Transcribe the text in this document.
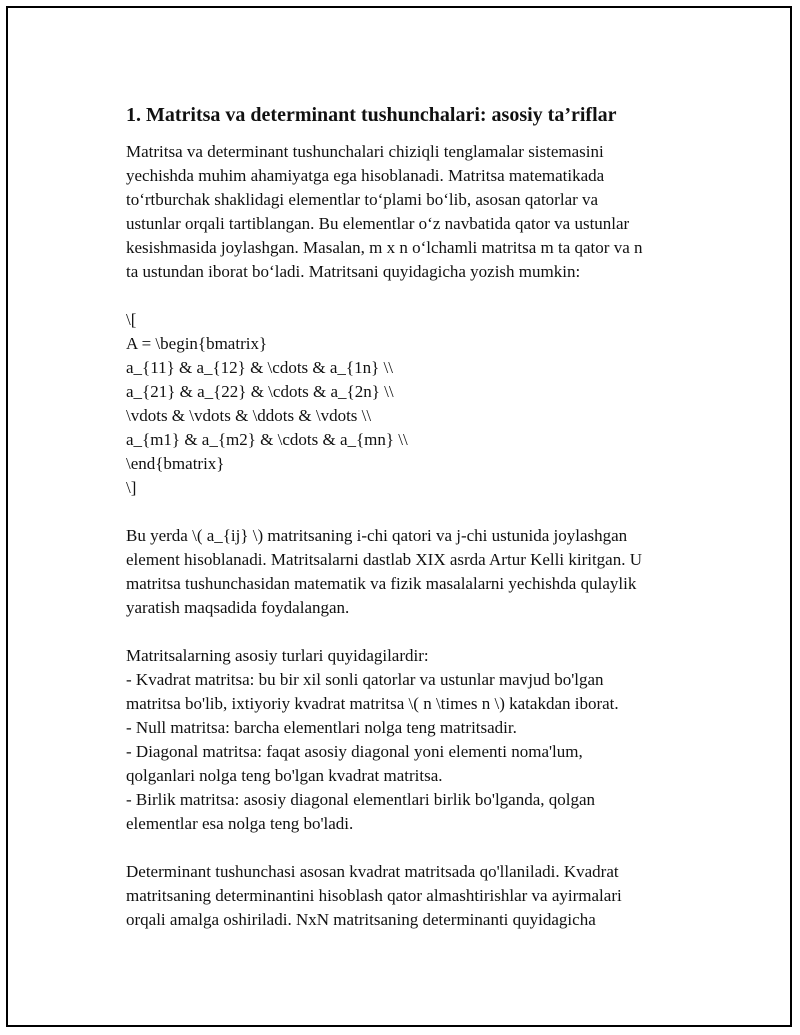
1. Matritsa va determinant tushunchalari: asosiy ta’riflar
Matritsa va determinant tushunchalari chiziqli tenglamalar sistemasini
yechishda muhim ahamiyatga ega hisoblanadi. Matritsa matematikada
to‘rtburchak shaklidagi elementlar to‘plami bo‘lib, asosan qatorlar va
ustunlar orqali tartiblangan. Bu elementlar o‘z navbatida qator va ustunlar
kesishmasida joylashgan. Masalan, m x n o‘lchamli matritsa m ta qator va n
ta ustundan iborat bo‘ladi. Matritsani quyidagicha yozish mumkin:
\[
A = \begin{bmatrix}
a_{11} & a_{12} & \cdots & a_{1n} \\
a_{21} & a_{22} & \cdots & a_{2n} \\
\vdots & \vdots & \ddots & \vdots \\
a_{m1} & a_{m2} & \cdots & a_{mn} \\
\end{bmatrix}
\]
Bu yerda \( a_{ij} \) matritsaning i-chi qatori va j-chi ustunida joylashgan
element hisoblanadi. Matritsalarni dastlab XIX asrda Artur Kelli kiritgan. U
matritsa tushunchasidan matematik va fizik masalalarni yechishda qulaylik
yaratish maqsadida foydalangan.
Matritsalarning asosiy turlari quyidagilardir:
- Kvadrat matritsa: bu bir xil sonli qatorlar va ustunlar mavjud bo'lgan
matritsa bo'lib, ixtiyoriy kvadrat matritsa \( n \times n \) katakdan iborat.
- Null matritsa: barcha elementlari nolga teng matritsadir.
- Diagonal matritsa: faqat asosiy diagonal yoni elementi noma'lum,
qolganlari nolga teng bo'lgan kvadrat matritsa.
- Birlik matritsa: asosiy diagonal elementlari birlik bo'lganda, qolgan
elementlar esa nolga teng bo'ladi.
Determinant tushunchasi asosan kvadrat matritsada qo'llaniladi. Kvadrat
matritsaning determinantini hisoblash qator almashtirishlar va ayirmalari
orqali amalga oshiriladi. NxN matritsaning determinanti quyidagicha
